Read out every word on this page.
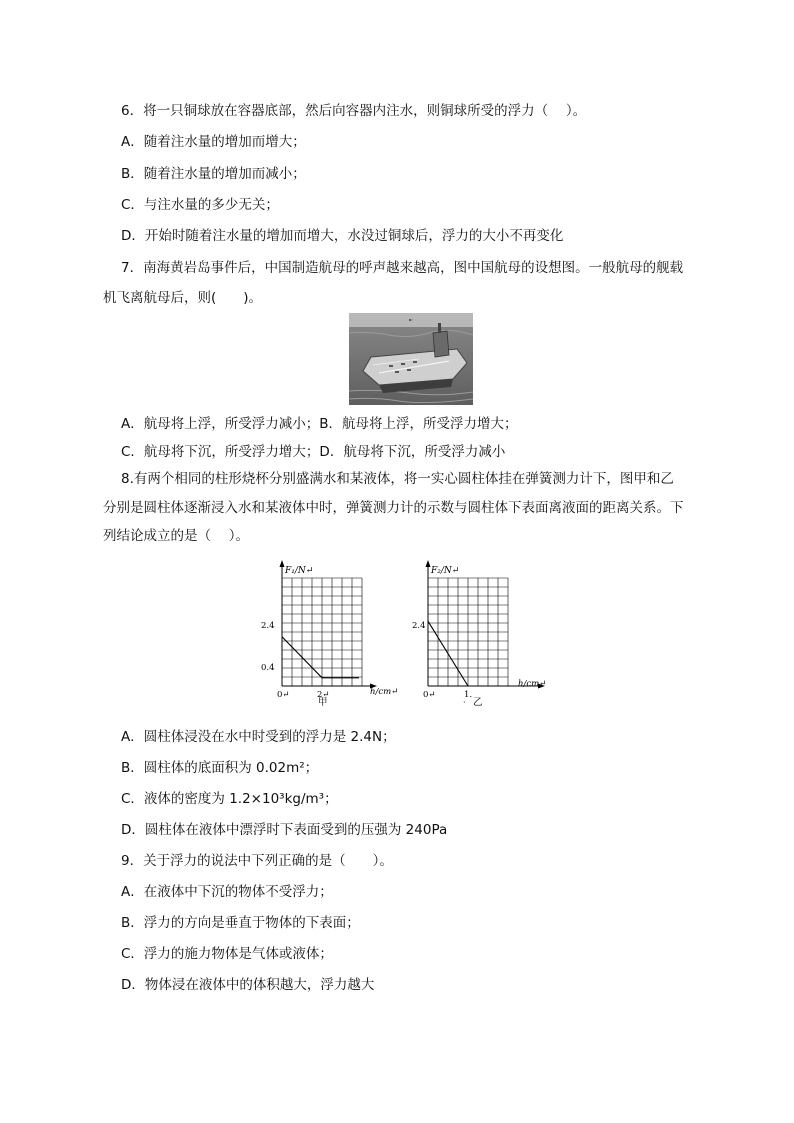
6．将一只铜球放在容器底部，然后向容器内注水，则铜球所受的浮力（　 ）。
A．随着注水量的增加而增大；
B．随着注水量的增加而减小；
C．与注水量的多少无关；
D．开始时随着注水量的增加而增大，水没过铜球后，浮力的大小不再变化
7．南海黄岩岛事件后，中国制造航母的呼声越来越高，图中国航母的设想图。一般航母的舰载
机飞离航母后，则(　　)。
A．航母将上浮，所受浮力减小；B．航母将上浮，所受浮力增大；
C．航母将下沉，所受浮力增大；D．航母将下沉，所受浮力减小
8.有两个相同的柱形烧杯分别盛满水和某液体，将一实心圆柱体挂在弹簧测力计下，图甲和乙
分别是圆柱体逐渐浸入水和某液体中时，弹簧测力计的示数与圆柱体下表面离液面的距离关系。下
列结论成立的是（　 ）。
F₁/N↵
2.4
0.4
0↵	2↵	h/cm↵
甲
F₂/N↵
2.4
0↵	1.
h/cm↵
· 乙
A．圆柱体浸没在水中时受到的浮力是 2.4N；
B．圆柱体的底面积为 0.02m²；
C．液体的密度为 1.2×10³kg/m³；
D．圆柱体在液体中漂浮时下表面受到的压强为 240Pa
9．关于浮力的说法中下列正确的是（　　）。
A．在液体中下沉的物体不受浮力；
B．浮力的方向是垂直于物体的下表面；
C．浮力的施力物体是气体或液体；
D．物体浸在液体中的体积越大，浮力越大
